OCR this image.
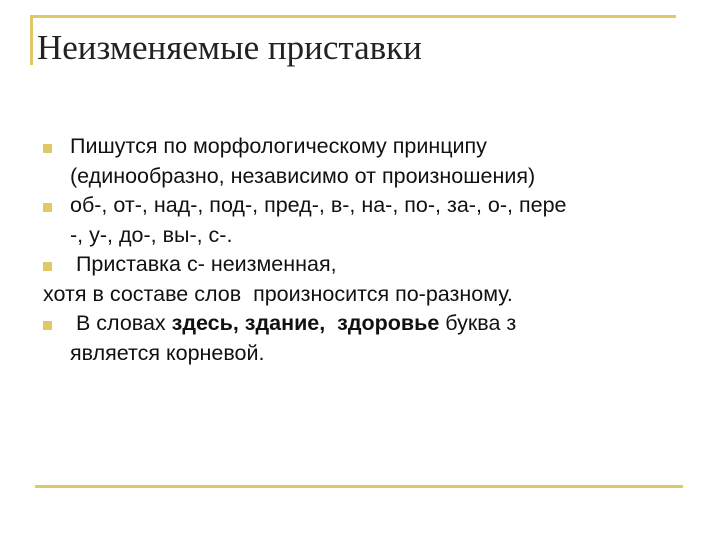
Неизменяемые приставки
Пишутся по морфологическому принципу
(единообразно, независимо от произношения)
об-, от-, над-, под-, пред-, в-, на-, по-, за-, о-, пере
-, у-, до-, вы-, с-.
Приставка с- неизменная,
хотя в составе слов  произносится по-разному.
В словах здесь, здание,  здоровье буква з
является корневой.
